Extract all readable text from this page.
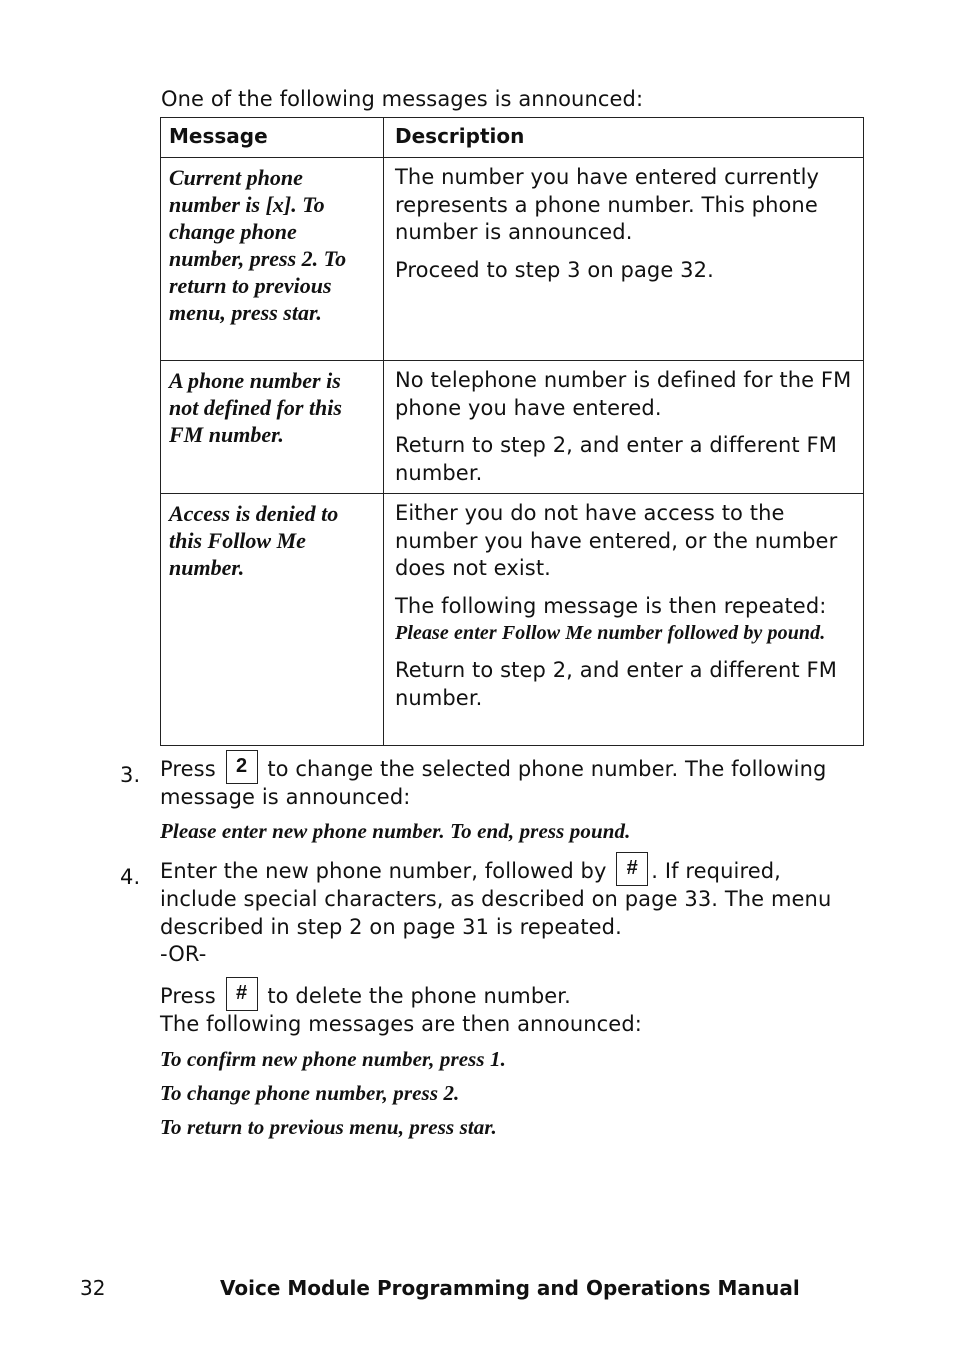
One of the following messages is announced:
Message	Description
Current phone number is [x]. To change phone number, press 2. To return to previous menu, press star.	The number you have entered currently represents a phone number. This phone number is announced.

Proceed to step 3 on page 32.

A phone number is not defined for this FM number.	No telephone number is defined for the FM phone you have entered.

Return to step 2, and enter a different FM number.

Access is denied to this Follow Me number.	Either you do not have access to the number you have entered, or the number does not exist.

The following message is then repeated:

Please enter Follow Me number followed by pound.

Return to step 2, and enter a different FM number.

3. Press 2 to change the selected phone number. The following message is announced:

Please enter new phone number. To end, press pound.

4. Enter the new phone number, followed by # . If required, include special characters, as described on page 33. The menu described in step 2 on page 31 is repeated.

-OR-

Press # to delete the phone number.

The following messages are then announced:

To confirm new phone number, press 1.

To change phone number, press 2.

To return to previous menu, press star.

32	Voice Module Programming and Operations Manual
